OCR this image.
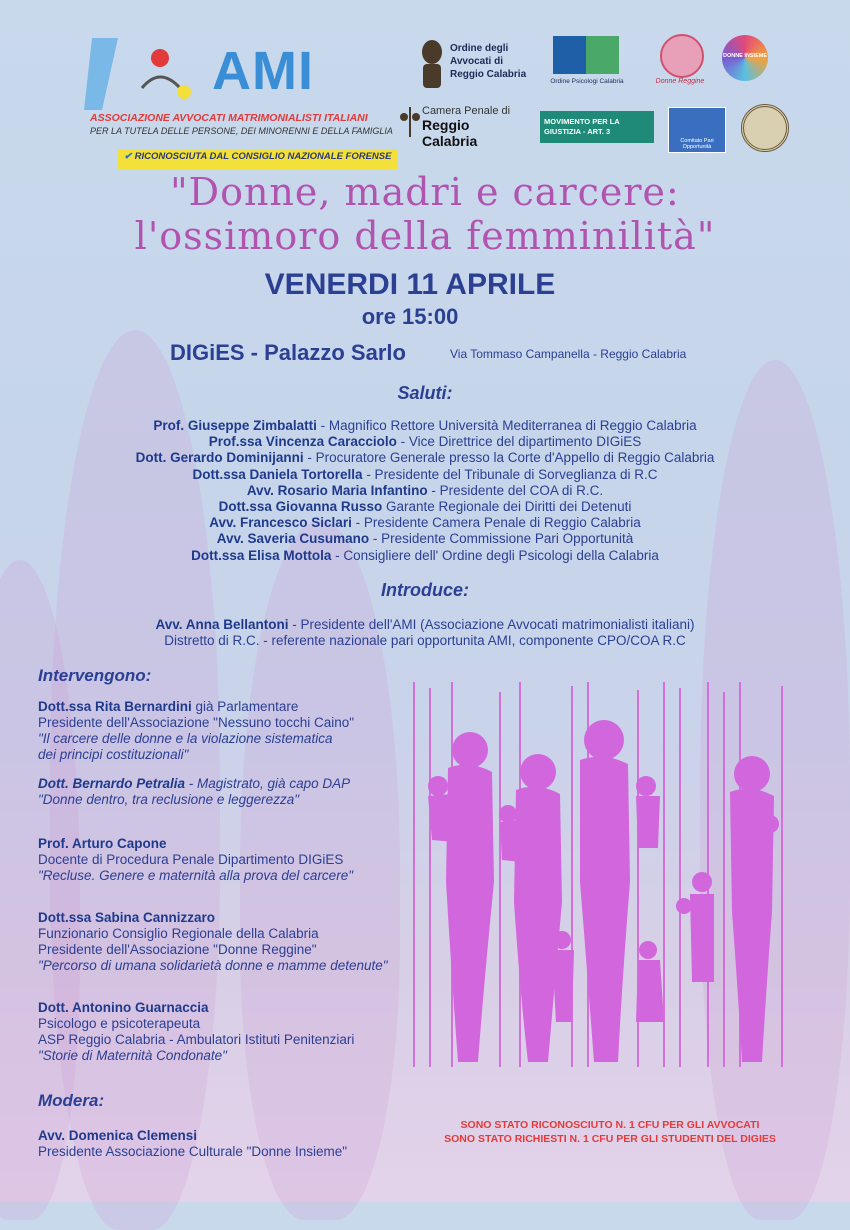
AMI
ASSOCIAZIONE AVVOCATI MATRIMONIALISTI ITALIANI
PER LA TUTELA DELLE PERSONE, DEI MINORENNI E DELLA FAMIGLIA
✔ RICONOSCIUTA DAL CONSIGLIO NAZIONALE FORENSE
Ordine degli Avvocati di Reggio Calabria
Ordine Psicologi Calabria	Donne Reggine
DONNE INSIEME
Camera Penale di
Reggio Calabria
MOVIMENTO PER LA GIUSTIZIA - ART. 3
Comitato Pari Opportunità
"Donne, madri e carcere:
l'ossimoro della femminilità"
VENERDI 11 APRILE
ore 15:00
DIGiES - Palazzo Sarlo	Via Tommaso Campanella - Reggio Calabria
Saluti:
Prof. Giuseppe Zimbalatti - Magnifico Rettore Università Mediterranea di Reggio Calabria
Prof.ssa Vincenza Caracciolo - Vice Direttrice del dipartimento DIGiES
Dott. Gerardo Dominijanni - Procuratore Generale presso la Corte d'Appello di Reggio Calabria
Dott.ssa Daniela Tortorella - Presidente del Tribunale di Sorveglianza di R.C
Avv. Rosario Maria Infantino - Presidente del COA di R.C.
Dott.ssa Giovanna Russo Garante Regionale dei Diritti dei Detenuti
Avv. Francesco Siclari - Presidente Camera Penale di Reggio Calabria
Avv. Saveria Cusumano - Presidente Commissione Pari Opportunità
Dott.ssa Elisa Mottola - Consigliere dell' Ordine degli Psicologi della Calabria
Introduce:
Avv. Anna Bellantoni - Presidente dell'AMI (Associazione Avvocati matrimonialisti italiani)
Distretto di R.C. - referente nazionale pari opportunita AMI, componente CPO/COA R.C
Intervengono:
Dott.ssa Rita Bernardini già Parlamentare
Presidente dell'Associazione "Nessuno tocchi Caino"
"Il carcere delle donne e la violazione sistematica
dei principi costituzionali"
Dott. Bernardo Petralia - Magistrato, già capo DAP
"Donne dentro, tra reclusione e leggerezza"
Prof. Arturo Capone
Docente di Procedura Penale Dipartimento DIGiES
"Recluse. Genere e maternità alla prova del carcere"
Dott.ssa Sabina Cannizzaro
Funzionario Consiglio Regionale della Calabria
Presidente dell'Associazione "Donne Reggine"
"Percorso di umana solidarietà donne e mamme detenute"
Dott. Antonino Guarnaccia
Psicologo e psicoterapeuta
ASP Reggio Calabria - Ambulatori Istituti Penitenziari
"Storie di Maternità Condonate"
Modera:
Avv. Domenica Clemensi
Presidente Associazione Culturale "Donne Insieme"
SONO STATO RICONOSCIUTO N. 1 CFU PER GLI AVVOCATI
SONO STATO RICHIESTI N. 1 CFU PER GLI STUDENTI DEL DIGIES
